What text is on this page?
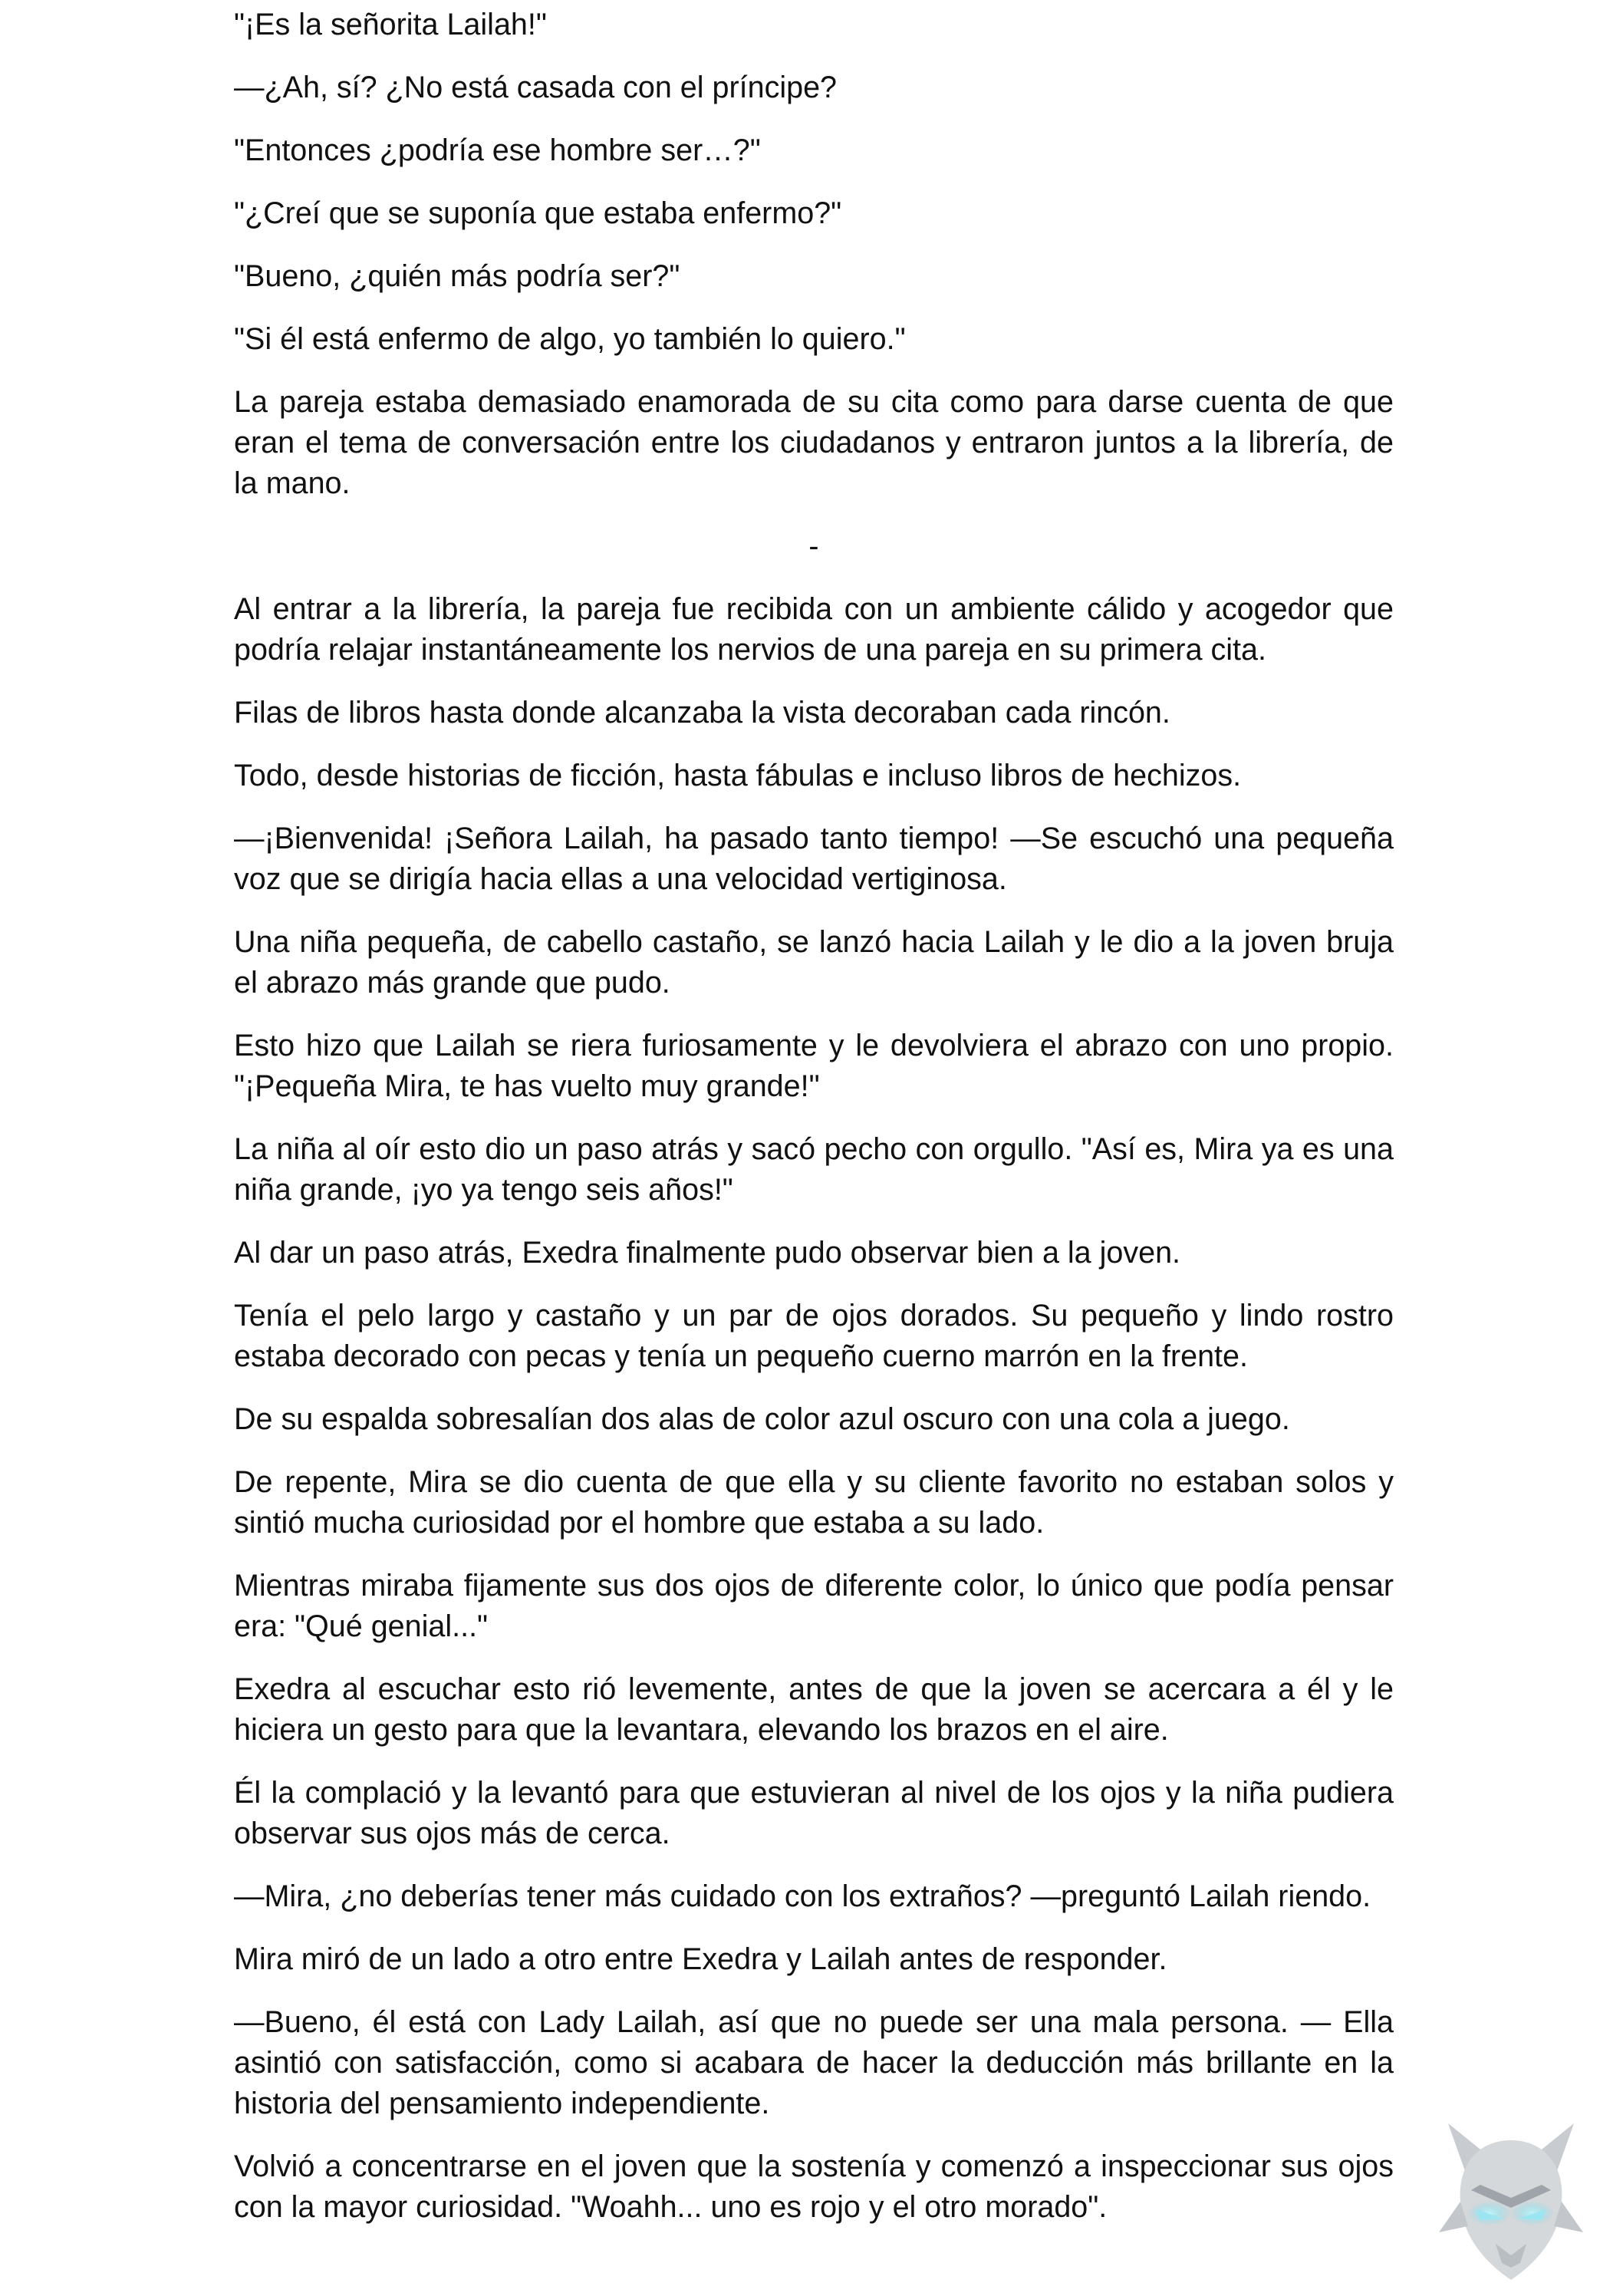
"¡Es la señorita Lailah!"

—¿Ah, sí? ¿No está casada con el príncipe?

"Entonces ¿podría ese hombre ser…?"

"¿Creí que se suponía que estaba enfermo?"

"Bueno, ¿quién más podría ser?"

"Si él está enfermo de algo, yo también lo quiero."

La pareja estaba demasiado enamorada de su cita como para darse cuenta de que eran el tema de conversación entre los ciudadanos y entraron juntos a la librería, de la mano.

-

Al entrar a la librería, la pareja fue recibida con un ambiente cálido y acogedor que podría relajar instantáneamente los nervios de una pareja en su primera cita.

Filas de libros hasta donde alcanzaba la vista decoraban cada rincón.

Todo, desde historias de ficción, hasta fábulas e incluso libros de hechizos.

—¡Bienvenida! ¡Señora Lailah, ha pasado tanto tiempo! —Se escuchó una pequeña voz que se dirigía hacia ellas a una velocidad vertiginosa.

Una niña pequeña, de cabello castaño, se lanzó hacia Lailah y le dio a la joven bruja el abrazo más grande que pudo.

Esto hizo que Lailah se riera furiosamente y le devolviera el abrazo con uno propio. "¡Pequeña Mira, te has vuelto muy grande!"

La niña al oír esto dio un paso atrás y sacó pecho con orgullo. "Así es, Mira ya es una niña grande, ¡yo ya tengo seis años!"

Al dar un paso atrás, Exedra finalmente pudo observar bien a la joven.

Tenía el pelo largo y castaño y un par de ojos dorados. Su pequeño y lindo rostro estaba decorado con pecas y tenía un pequeño cuerno marrón en la frente.

De su espalda sobresalían dos alas de color azul oscuro con una cola a juego.

De repente, Mira se dio cuenta de que ella y su cliente favorito no estaban solos y sintió mucha curiosidad por el hombre que estaba a su lado.

Mientras miraba fijamente sus dos ojos de diferente color, lo único que podía pensar era: "Qué genial..."

Exedra al escuchar esto rió levemente, antes de que la joven se acercara a él y le hiciera un gesto para que la levantara, elevando los brazos en el aire.

Él la complació y la levantó para que estuvieran al nivel de los ojos y la niña pudiera observar sus ojos más de cerca.

—Mira, ¿no deberías tener más cuidado con los extraños? —preguntó Lailah riendo.

Mira miró de un lado a otro entre Exedra y Lailah antes de responder.

—Bueno, él está con Lady Lailah, así que no puede ser una mala persona. — Ella asintió con satisfacción, como si acabara de hacer la deducción más brillante en la historia del pensamiento independiente.

Volvió a concentrarse en el joven que la sostenía y comenzó a inspeccionar sus ojos con la mayor curiosidad. "Woahh... uno es rojo y el otro morado".
